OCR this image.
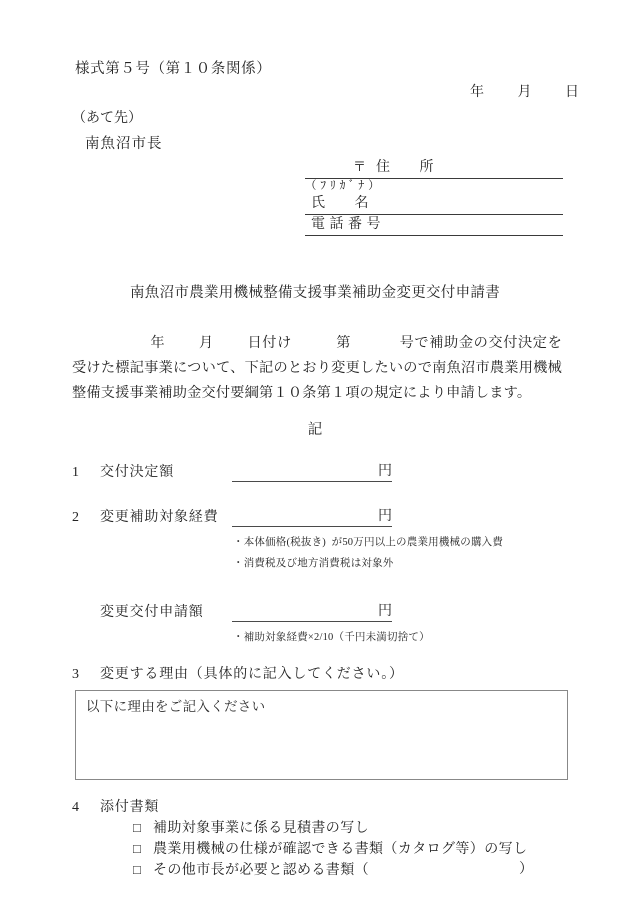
様式第５号（第１０条関係）
年　　 月　　 日
（あて先）
南魚沼市長
〒 住　　所
（ ﾌ ﾘ ｶ ﾞ ﾅ ）
氏　　名
電 話 番 号
南魚沼市農業用機械整備支援事業補助金変更交付申請書
年　　 月　　 日付け　　　第　　　 号で補助金の交付決定を受けた標記事業について、下記のとおり変更したいので南魚沼市農業用機械整備支援事業補助金交付要綱第１０条第１項の規定により申請します。
記
1 交付決定額	円
2 変更補助対象経費	円
・本体価格(税抜き)  が50万円以上の農業用機械の購入費
・消費税及び地方消費税は対象外
変更交付申請額	円
・補助対象経費×2/10（千円未満切捨て）
3 変更する理由（具体的に記入してください。）
以下に理由をご記入ください
4 添付書類
□ 補助対象事業に係る見積書の写し
□ 農業用機械の仕様が確認できる書類（カタログ等）の写し
□ その他市長が必要と認める書類（	）
